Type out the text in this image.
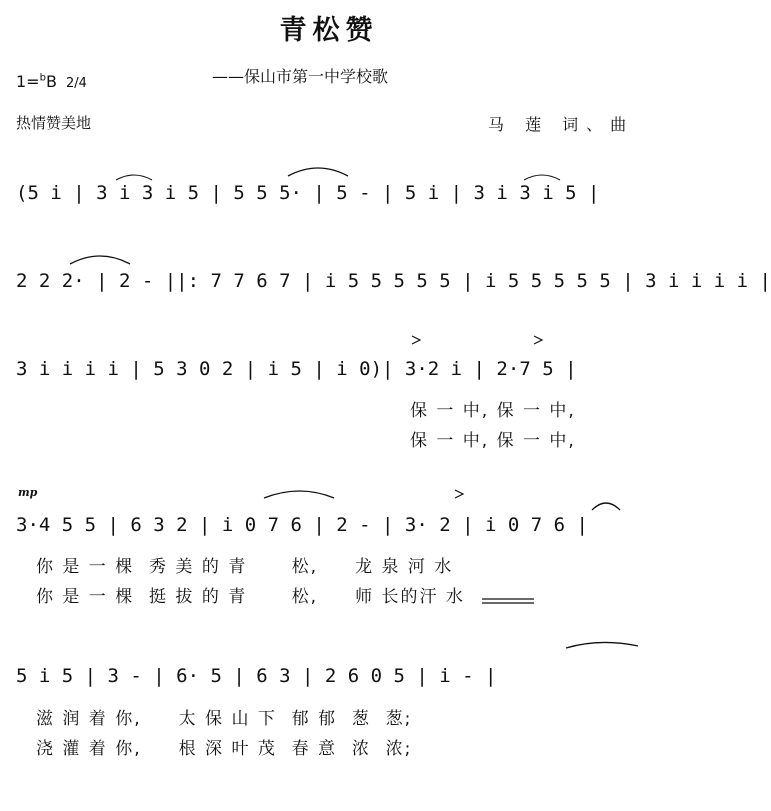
青松赞
——保山市第一中学校歌
1=$^b$B 2/4
热情赞美地	马 莲 词、曲
(5 i | 3 i 3 i 5 | 5 5 5· | 5 - | 5 i | 3 i 3 i 5 |
2 2 2· | 2 - ||: 7 7 6 7 | i 5 5 5 5 5 | i 5 5 5 5 5 | 3 i i i i |
3 i i i i | 5 3 0 2 | i 5 | i 0)| 3·2 i | 2·7 5 |
保 一 中, 保 一 中,
保 一 中, 保 一 中,
mp
3·4 5 5 | 6 3 2 | i 0 7 6 | 2 - | 3· 2 | i 0 7 6 |
你 是 一 棵  秀 美 的 青      松,     龙 泉 河 水
你 是 一 棵  挺 拔 的 青      松,     师 长的汗 水
5 i 5 | 3 - | 6· 5 | 6 3 | 2 6 0 5 | i - |
滋 润 着 你,     太 保 山 下  郁 郁  葱  葱;
浇 灌 着 你,     根 深 叶 茂  春 意  浓  浓;
